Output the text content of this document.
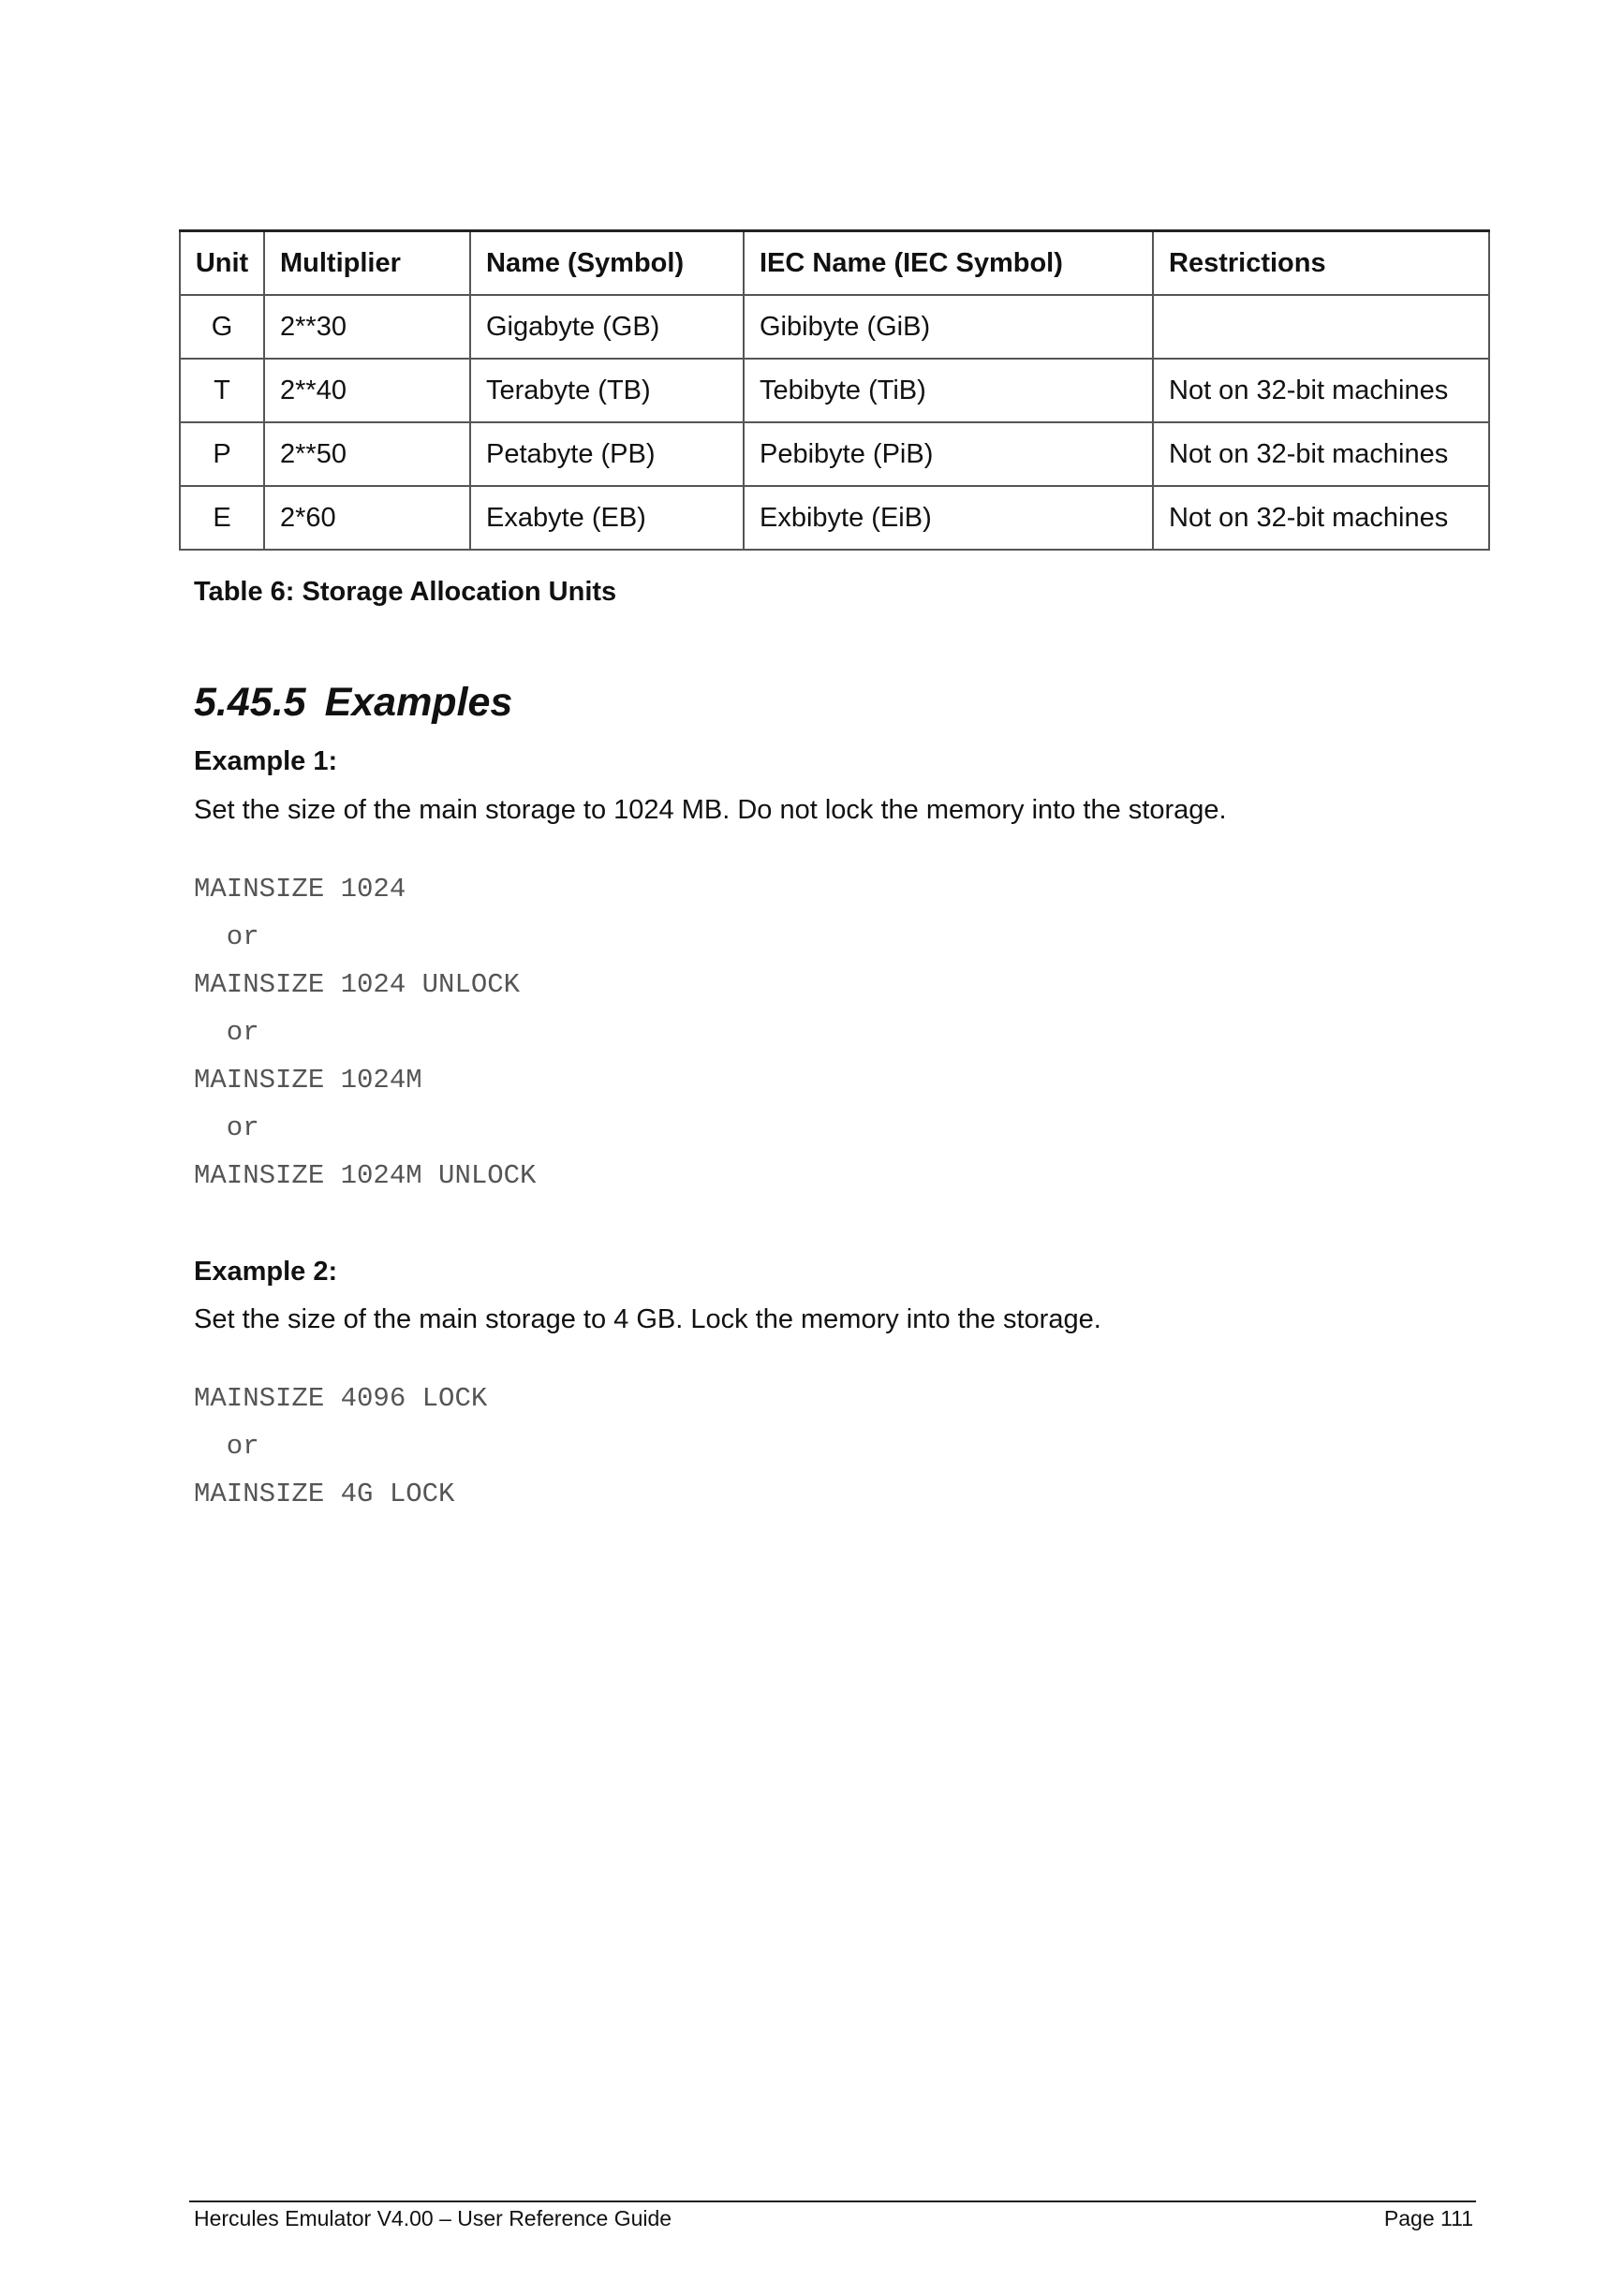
Unit	Multiplier	Name (Symbol)	IEC Name (IEC Symbol)	Restrictions
G	2**30	Gigabyte (GB)	Gibibyte (GiB)	
T	2**40	Terabyte (TB)	Tebibyte (TiB)	Not on 32-bit machines
P	2**50	Petabyte (PB)	Pebibyte (PiB)	Not on 32-bit machines
E	2*60	Exabyte (EB)	Exbibyte (EiB)	Not on 32-bit machines
Table 6: Storage Allocation Units
5.45.5 Examples
Example 1:
Set the size of the main storage to 1024 MB. Do not lock the memory into the storage.
MAINSIZE 1024
or
MAINSIZE 1024 UNLOCK
or
MAINSIZE 1024M
or
MAINSIZE 1024M UNLOCK
Example 2:
Set the size of the main storage to 4 GB. Lock the memory into the storage.
MAINSIZE 4096 LOCK
or
MAINSIZE 4G LOCK
Hercules Emulator V4.00 – User Reference Guide	Page 111
